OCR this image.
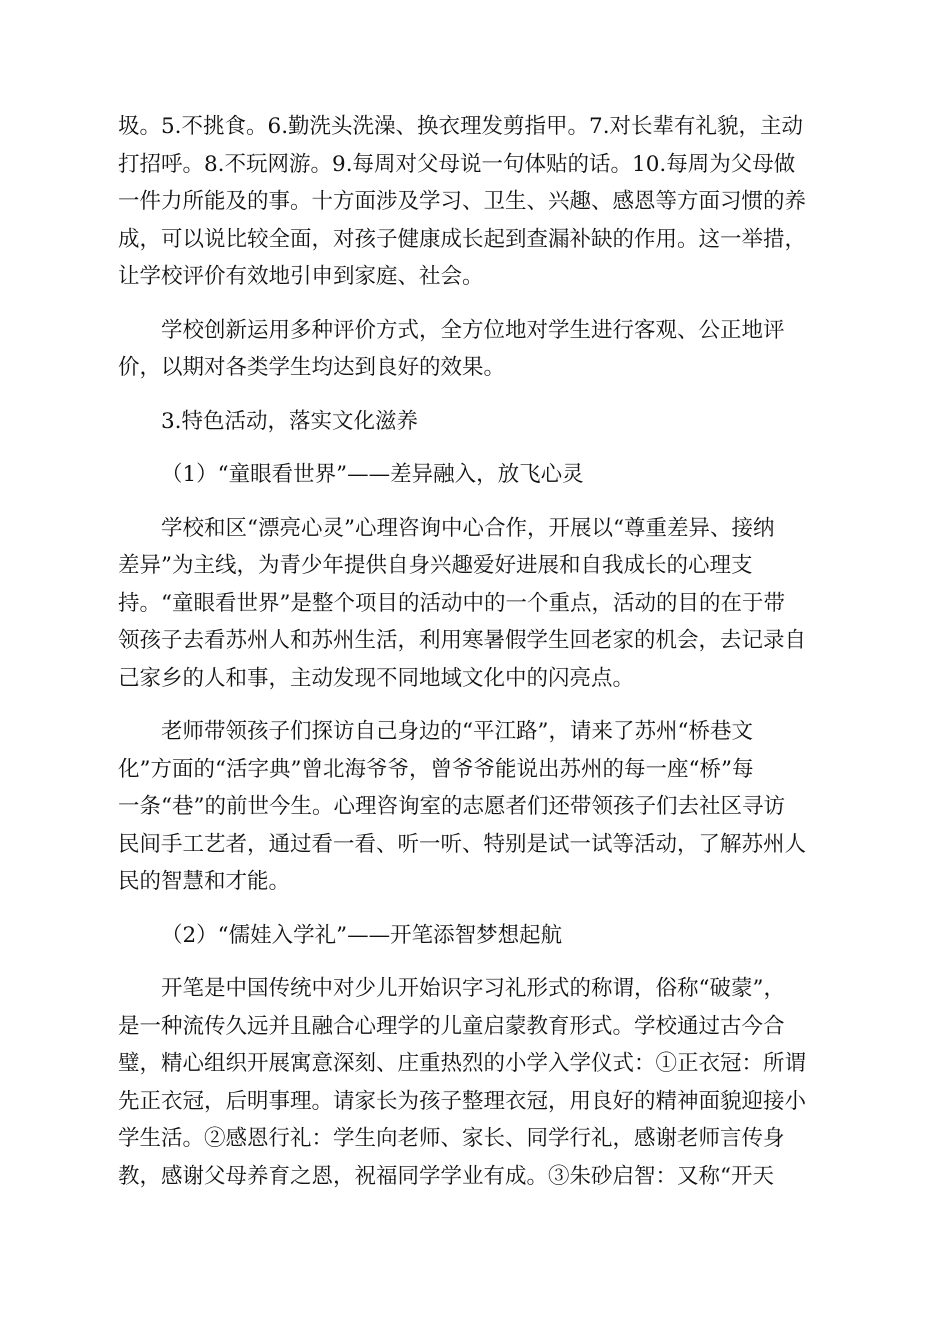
圾。5.不挑食。6.勤洗头洗澡、换衣理发剪指甲。7.对长辈有礼貌，主动
打招呼。8.不玩网游。9.每周对父母说一句体贴的话。10.每周为父母做
一件力所能及的事。十方面涉及学习、卫生、兴趣、感恩等方面习惯的养
成，可以说比较全面，对孩子健康成长起到查漏补缺的作用。这一举措，
让学校评价有效地引申到家庭、社会。

学校创新运用多种评价方式，全方位地对学生进行客观、公正地评
价，以期对各类学生均达到良好的效果。

3.特色活动，落实文化滋养

（1）“童眼看世界”——差异融入，放飞心灵

学校和区“漂亮心灵”心理咨询中心合作，开展以“尊重差异、接纳
差异”为主线，为青少年提供自身兴趣爱好进展和自我成长的心理支
持。“童眼看世界”是整个项目的活动中的一个重点，活动的目的在于带
领孩子去看苏州人和苏州生活，利用寒暑假学生回老家的机会，去记录自
己家乡的人和事，主动发现不同地域文化中的闪亮点。

老师带领孩子们探访自己身边的“平江路”，请来了苏州“桥巷文
化”方面的“活字典”曾北海爷爷，曾爷爷能说出苏州的每一座“桥”每
一条“巷”的前世今生。心理咨询室的志愿者们还带领孩子们去社区寻访
民间手工艺者，通过看一看、听一听、特别是试一试等活动，了解苏州人
民的智慧和才能。

（2）“儒娃入学礼”——开笔添智梦想起航

开笔是中国传统中对少儿开始识字习礼形式的称谓，俗称“破蒙”，
是一种流传久远并且融合心理学的儿童启蒙教育形式。学校通过古今合
璧，精心组织开展寓意深刻、庄重热烈的小学入学仪式：①正衣冠：所谓
先正衣冠，后明事理。请家长为孩子整理衣冠，用良好的精神面貌迎接小
学生活。②感恩行礼：学生向老师、家长、同学行礼，感谢老师言传身
教，感谢父母养育之恩，祝福同学学业有成。③朱砂启智：又称“开天
